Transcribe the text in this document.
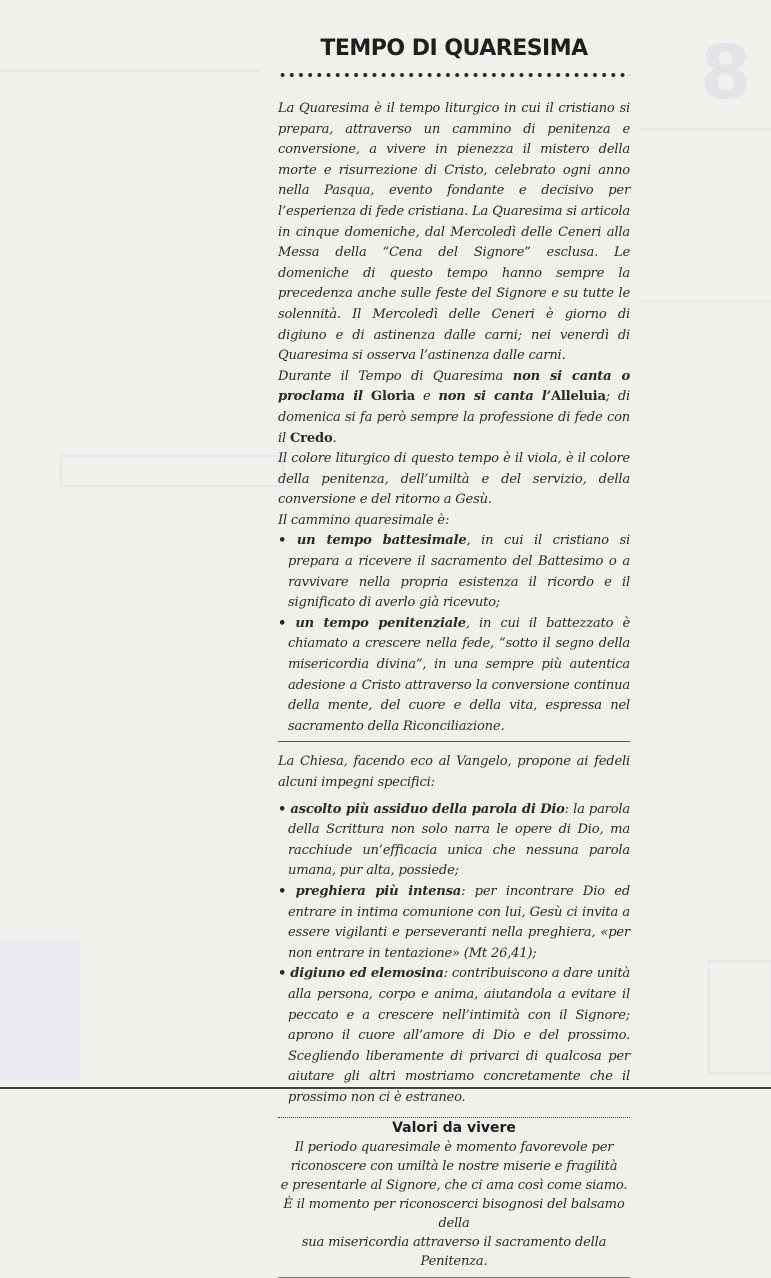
8
TEMPO DI QUARESIMA

La Quaresima è il tempo liturgico in cui il cristiano si prepara, attraverso un cammino di penitenza e conversione, a vivere in pienezza il mistero della morte e risurrezione di Cristo, celebrato ogni anno nella Pasqua, evento fondante e decisivo per l’esperienza di fede cristiana. La Quaresima si articola in cinque domeniche, dal Mercoledì delle Ceneri alla Messa della “Cena del Signore” esclusa. Le domeniche di questo tempo hanno sempre la precedenza anche sulle feste del Signore e su tutte le solennità. Il Mercoledì delle Ceneri è giorno di digiuno e di astinenza dalle carni; nei venerdì di Quaresima si osserva l’astinenza dalle carni.

Durante il Tempo di Quaresima non si canta o proclama il Gloria e non si canta l’Alleluia; di domenica si fa però sempre la professione di fede con il Credo.

Il colore liturgico di questo tempo è il viola, è il colore della penitenza, dell’umiltà e del servizio, della conversione e del ritorno a Gesù.

Il cammino quaresimale è:

• un tempo battesimale, in cui il cristiano si prepara a ricevere il sacramento del Battesimo o a ravvivare nella propria esistenza il ricordo e il significato di averlo già ricevuto;

• un tempo penitenziale, in cui il battezzato è chiamato a crescere nella fede, “sotto il segno della misericordia divina”, in una sempre più autentica adesione a Cristo attraverso la conversione continua della mente, del cuore e della vita, espressa nel sacramento della Riconciliazione.

La Chiesa, facendo eco al Vangelo, propone ai fedeli alcuni impegni specifici:

• ascolto più assiduo della parola di Dio: la parola della Scrittura non solo narra le opere di Dio, ma racchiude un’efficacia unica che nessuna parola umana, pur alta, possiede;

• preghiera più intensa: per incontrare Dio ed entrare in intima comunione con lui, Gesù ci invita a essere vigilanti e perseveranti nella preghiera, «per non entrare in tentazione» (Mt 26,41);

• digiuno ed elemosina: contribuiscono a dare unità alla persona, corpo e anima, aiutandola a evitare il peccato e a crescere nell’intimità con il Signore; aprono il cuore all’amore di Dio e del prossimo. Scegliendo liberamente di privarci di qualcosa per aiutare gli altri mostriamo concretamente che il prossimo non ci è estraneo.

Valori da vivere
Il periodo quaresimale è momento favorevole per
riconoscere con umiltà le nostre miserie e fragilità
e presentarle al Signore, che ci ama così come siamo.
È il momento per riconoscerci bisognosi del balsamo della
sua misericordia attraverso il sacramento della Penitenza.
